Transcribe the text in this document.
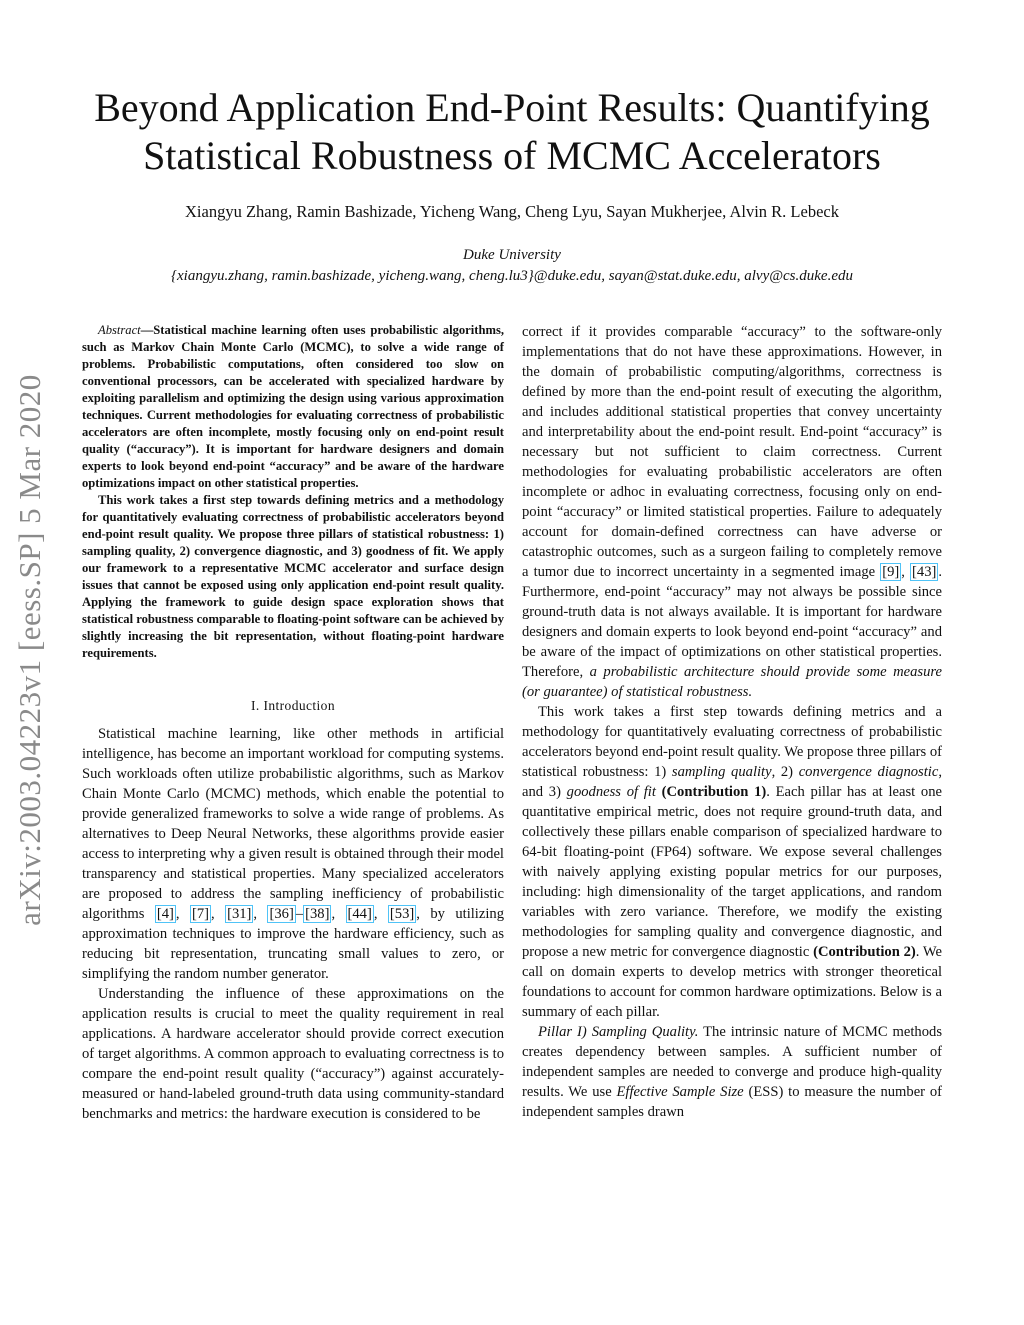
arXiv:2003.04223v1 [eess.SP] 5 Mar 2020
Beyond Application End-Point Results: Quantifying
Statistical Robustness of MCMC Accelerators
Xiangyu Zhang, Ramin Bashizade, Yicheng Wang, Cheng Lyu, Sayan Mukherjee, Alvin R. Lebeck
Duke University
{xiangyu.zhang, ramin.bashizade, yicheng.wang, cheng.lu3}@duke.edu, sayan@stat.duke.edu, alvy@cs.duke.edu

Abstract—Statistical machine learning often uses probabilistic algorithms, such as Markov Chain Monte Carlo (MCMC), to solve a wide range of problems. Probabilistic computations, often considered too slow on conventional processors, can be accelerated with specialized hardware by exploiting parallelism and optimizing the design using various approximation techniques. Current methodologies for evaluating correctness of probabilistic accelerators are often incomplete, mostly focusing only on end-point result quality (“accuracy”). It is important for hardware designers and domain experts to look beyond end-point “accuracy” and be aware of the hardware optimizations impact on other statistical properties.

This work takes a first step towards defining metrics and a methodology for quantitatively evaluating correctness of probabilistic accelerators beyond end-point result quality. We propose three pillars of statistical robustness: 1) sampling quality, 2) convergence diagnostic, and 3) goodness of fit. We apply our framework to a representative MCMC accelerator and surface design issues that cannot be exposed using only application end-point result quality. Applying the framework to guide design space exploration shows that statistical robustness comparable to floating-point software can be achieved by slightly increasing the bit representation, without floating-point hardware requirements.

I. Introduction

Statistical machine learning, like other methods in artificial intelligence, has become an important workload for computing systems. Such workloads often utilize probabilistic algorithms, such as Markov Chain Monte Carlo (MCMC) methods, which enable the potential to provide generalized frameworks to solve a wide range of problems. As alternatives to Deep Neural Networks, these algorithms provide easier access to interpreting why a given result is obtained through their model transparency and statistical properties. Many specialized accelerators are proposed to address the sampling inefficiency of probabilistic algorithms [4] , [7] , [31] , [36] – [38] , [44] , [53] , by utilizing approximation techniques to improve the hardware efficiency, such as reducing bit representation, truncating small values to zero, or simplifying the random number generator.

Understanding the influence of these approximations on the application results is crucial to meet the quality requirement in real applications. A hardware accelerator should provide correct execution of target algorithms. A common approach to evaluating correctness is to compare the end-point result quality (“accuracy”) against accurately-measured or hand-labeled ground-truth data using community-standard benchmarks and metrics: the hardware execution is considered to be

correct if it provides comparable “accuracy” to the software-only implementations that do not have these approximations. However, in the domain of probabilistic computing/algorithms, correctness is defined by more than the end-point result of executing the algorithm, and includes additional statistical properties that convey uncertainty and interpretability about the end-point result. End-point “accuracy” is necessary but not sufficient to claim correctness. Current methodologies for evaluating probabilistic accelerators are often incomplete or adhoc in evaluating correctness, focusing only on end-point “accuracy” or limited statistical properties. Failure to adequately account for domain-defined correctness can have adverse or catastrophic outcomes, such as a surgeon failing to completely remove a tumor due to incorrect uncertainty in a segmented image [9] , [43] . Furthermore, end-point “accuracy” may not always be possible since ground-truth data is not always available. It is important for hardware designers and domain experts to look beyond end-point “accuracy” and be aware of the impact of optimizations on other statistical properties. Therefore, a probabilistic architecture should provide some measure (or guarantee) of statistical robustness.

This work takes a first step towards defining metrics and a methodology for quantitatively evaluating correctness of probabilistic accelerators beyond end-point result quality. We propose three pillars of statistical robustness: 1) sampling quality, 2) convergence diagnostic, and 3) goodness of fit (Contribution 1). Each pillar has at least one quantitative empirical metric, does not require ground-truth data, and collectively these pillars enable comparison of specialized hardware to 64-bit floating-point (FP64) software. We expose several challenges with naively applying existing popular metrics for our purposes, including: high dimensionality of the target applications, and random variables with zero variance. Therefore, we modify the existing methodologies for sampling quality and convergence diagnostic, and propose a new metric for convergence diagnostic (Contribution 2). We call on domain experts to develop metrics with stronger theoretical foundations to account for common hardware optimizations. Below is a summary of each pillar.

Pillar I) Sampling Quality. The intrinsic nature of MCMC methods creates dependency between samples. A sufficient number of independent samples are needed to converge and produce high-quality results. We use Effective Sample Size (ESS) to measure the number of independent samples drawn
